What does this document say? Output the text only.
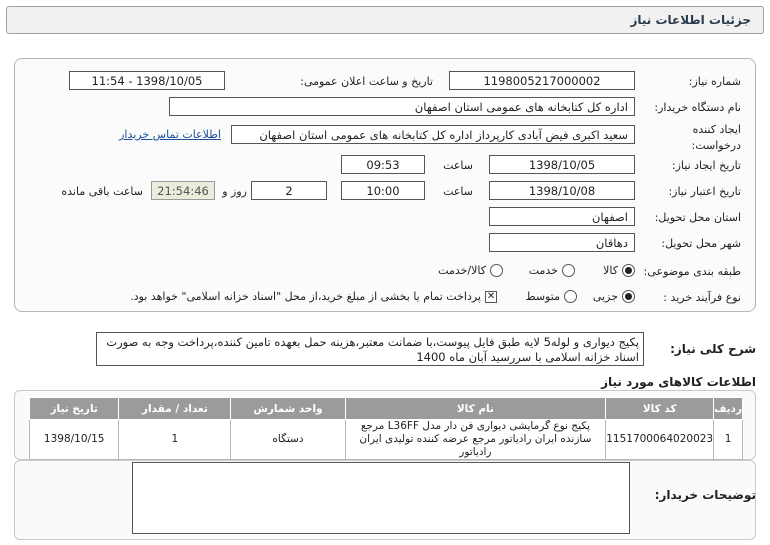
جزئیات اطلاعات نیاز
شماره نیاز:
1198005217000002
تاریخ و ساعت اعلان عمومی:
1398/10/05 - 11:54
نام دستگاه خریدار:
اداره کل کتابخانه های عمومی استان اصفهان
ایجاد کننده
درخواست:
سعید اکبری فیض آبادی کارپرداز اداره کل کتابخانه های عمومی استان اصفهان
اطلاعات تماس خریدار
تاریخ ایجاد نیاز:
1398/10/05
ساعت
09:53
تاریخ اعتبار نیاز:
1398/10/08
ساعت
10:00
2
روز و
21:54:46
ساعت باقی مانده
استان محل تحویل:
اصفهان
شهر محل تحویل:
دهاقان
طبقه بندی موضوعی:
کالا
خدمت
کالا/خدمت
نوع فرآیند خرید :
جزیی
متوسط
✕
پرداخت تمام یا بخشی از مبلغ خرید،از محل "اسناد خزانه اسلامی" خواهد بود.
شرح کلی نیاز:
پکیج دیواری و لوله5 لایه طبق فایل پیوست،با ضمانت معتبر،هزینه حمل بعهده تامین کننده،پرداخت وجه به صورت اسناد خزانه اسلامی با سررسید آبان ماه 1400
اطلاعات کالاهای مورد نیاز
ردیف	کد کالا	نام کالا	واحد شمارش	تعداد / مقدار	تاریخ نیاز
1	1151700064020023	پکیج نوع گرمایشی دیواری فن دار مدل L36FF مرجع سازنده ایران رادیاتور مرجع عرضه کننده تولیدی ایران رادیاتور	دستگاه	1	1398/10/15
توضیحات خریدار:
